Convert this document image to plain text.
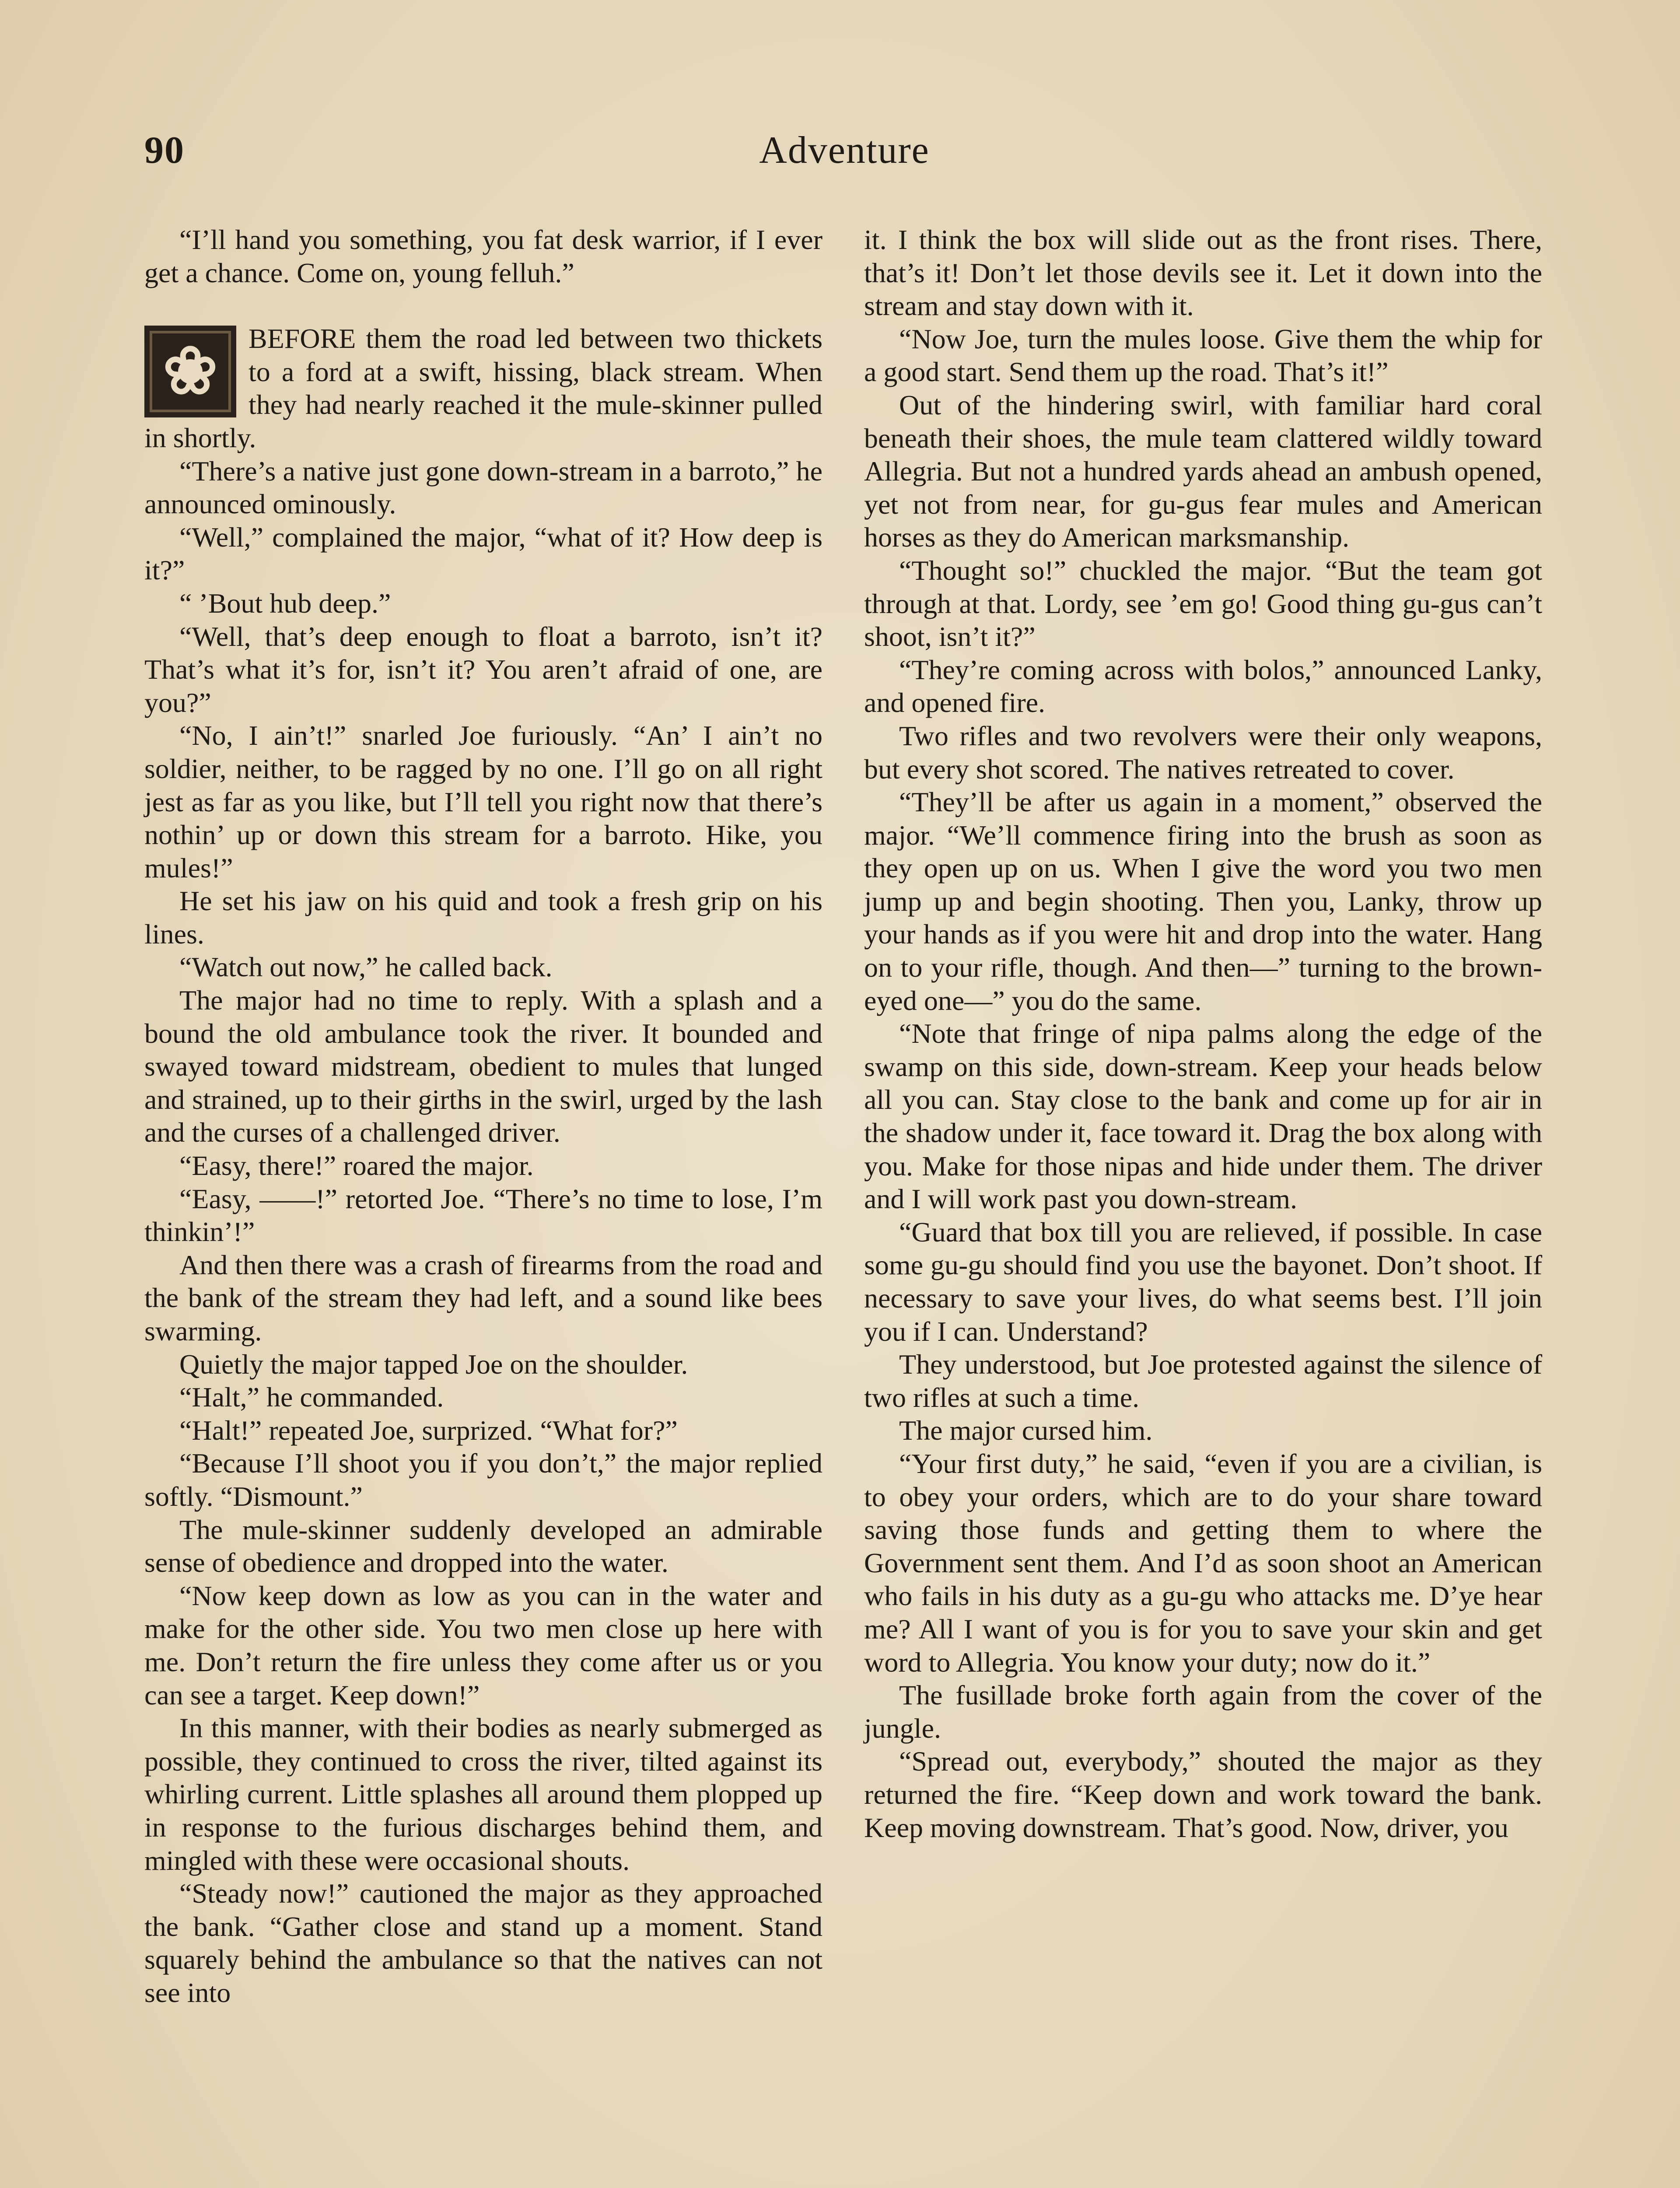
90	Adventure

“I’ll hand you something, you fat desk warrior, if I ever get a chance. Come on, young felluh.”

❀	BEFORE them the road led between two thickets to a ford at a swift, hissing, black stream. When they had nearly reached it the mule-skinner pulled in shortly.

“There’s a native just gone down-stream in a barroto,” he announced ominously.

“Well,” complained the major, “what of it? How deep is it?”

“ ’Bout hub deep.”

“Well, that’s deep enough to float a barroto, isn’t it? That’s what it’s for, isn’t it? You aren’t afraid of one, are you?”

“No, I ain’t!” snarled Joe furiously. “An’ I ain’t no soldier, neither, to be ragged by no one. I’ll go on all right jest as far as you like, but I’ll tell you right now that there’s nothin’ up or down this stream for a barroto. Hike, you mules!”

He set his jaw on his quid and took a fresh grip on his lines.

“Watch out now,” he called back.

The major had no time to reply. With a splash and a bound the old ambulance took the river. It bounded and swayed toward midstream, obedient to mules that lunged and strained, up to their girths in the swirl, urged by the lash and the curses of a challenged driver.

“Easy, there!” roared the major.

“Easy, ——!” retorted Joe. “There’s no time to lose, I’m thinkin’!”

And then there was a crash of firearms from the road and the bank of the stream they had left, and a sound like bees swarming.

Quietly the major tapped Joe on the shoulder.

“Halt,” he commanded.

“Halt!” repeated Joe, surprized. “What for?”

“Because I’ll shoot you if you don’t,” the major replied softly. “Dismount.”

The mule-skinner suddenly developed an admirable sense of obedience and dropped into the water.

“Now keep down as low as you can in the water and make for the other side. You two men close up here with me. Don’t return the fire unless they come after us or you can see a target. Keep down!”

In this manner, with their bodies as nearly submerged as possible, they continued to cross the river, tilted against its whirling current. Little splashes all around them plopped up in response to the furious discharges behind them, and mingled with these were occasional shouts.

“Steady now!” cautioned the major as they approached the bank. “Gather close and stand up a moment. Stand squarely behind the ambulance so that the natives can not see into

it. I think the box will slide out as the front rises. There, that’s it! Don’t let those devils see it. Let it down into the stream and stay down with it.

“Now Joe, turn the mules loose. Give them the whip for a good start. Send them up the road. That’s it!”

Out of the hindering swirl, with familiar hard coral beneath their shoes, the mule team clattered wildly toward Allegria. But not a hundred yards ahead an ambush opened, yet not from near, for gu-gus fear mules and American horses as they do American marksmanship.

“Thought so!” chuckled the major. “But the team got through at that. Lordy, see ’em go! Good thing gu-gus can’t shoot, isn’t it?”

“They’re coming across with bolos,” announced Lanky, and opened fire.

Two rifles and two revolvers were their only weapons, but every shot scored. The natives retreated to cover.

“They’ll be after us again in a moment,” observed the major. “We’ll commence firing into the brush as soon as they open up on us. When I give the word you two men jump up and begin shooting. Then you, Lanky, throw up your hands as if you were hit and drop into the water. Hang on to your rifle, though. And then—” turning to the brown-eyed one—” you do the same.

“Note that fringe of nipa palms along the edge of the swamp on this side, down-stream. Keep your heads below all you can. Stay close to the bank and come up for air in the shadow under it, face toward it. Drag the box along with you. Make for those nipas and hide under them. The driver and I will work past you down-stream.

“Guard that box till you are relieved, if possible. In case some gu-gu should find you use the bayonet. Don’t shoot. If necessary to save your lives, do what seems best. I’ll join you if I can. Understand?

They understood, but Joe protested against the silence of two rifles at such a time.

The major cursed him.

“Your first duty,” he said, “even if you are a civilian, is to obey your orders, which are to do your share toward saving those funds and getting them to where the Government sent them. And I’d as soon shoot an American who fails in his duty as a gu-gu who attacks me. D’ye hear me? All I want of you is for you to save your skin and get word to Allegria. You know your duty; now do it.”

The fusillade broke forth again from the cover of the jungle.

“Spread out, everybody,” shouted the major as they returned the fire. “Keep down and work toward the bank. Keep moving downstream. That’s good. Now, driver, you
